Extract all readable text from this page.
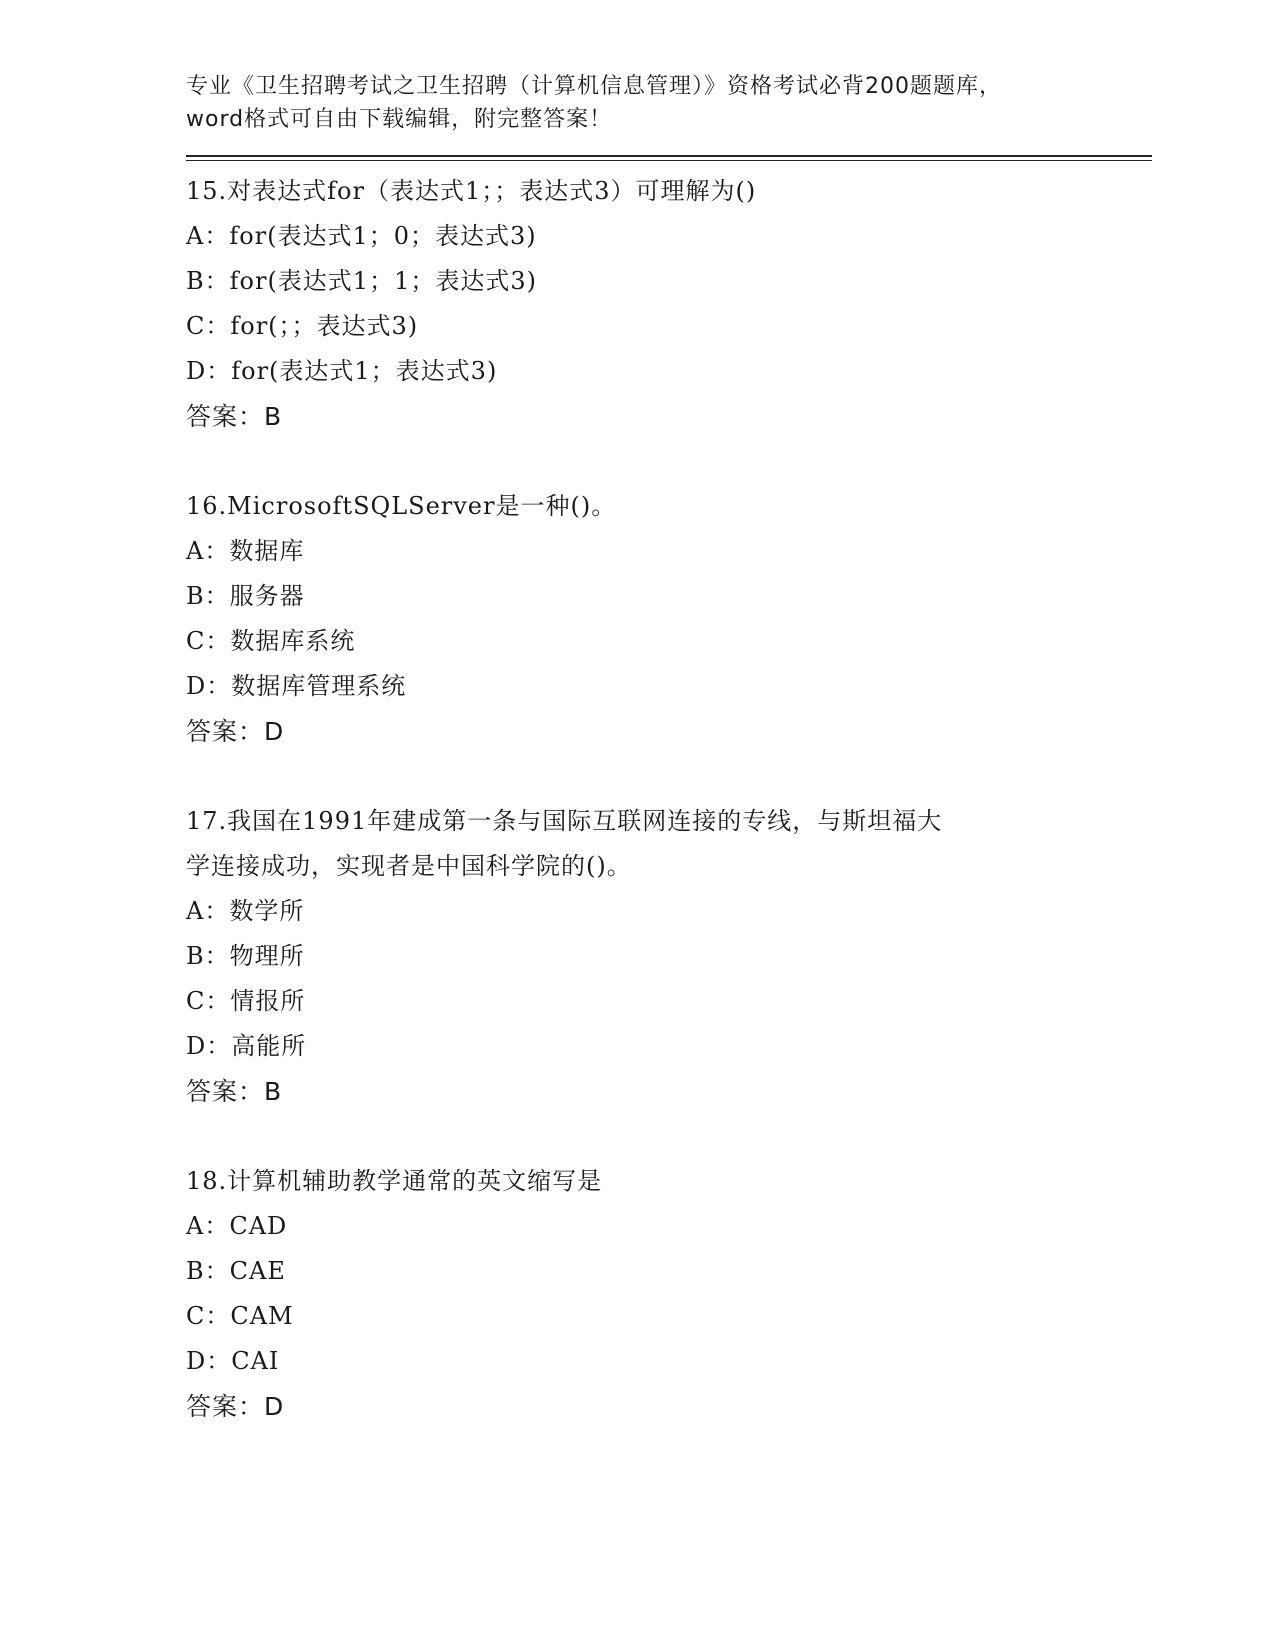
专业《卫生招聘考试之卫生招聘（计算机信息管理）》资格考试必背200题题库，
word格式可自由下载编辑，附完整答案！
15.对表达式for（表达式1；；表达式3）可理解为()
A：for(表达式1；0；表达式3)
B：for(表达式1；1；表达式3)
C：for(；；表达式3)
D：for(表达式1；表达式3)
答案：B
16.MicrosoftSQLServer是一种()。
A：数据库
B：服务器
C：数据库系统
D：数据库管理系统
答案：D
17.我国在1991年建成第一条与国际互联网连接的专线，与斯坦福大
学连接成功，实现者是中国科学院的()。
A：数学所
B：物理所
C：情报所
D：高能所
答案：B
18.计算机辅助教学通常的英文缩写是
A：CAD
B：CAE
C：CAM
D：CAI
答案：D
